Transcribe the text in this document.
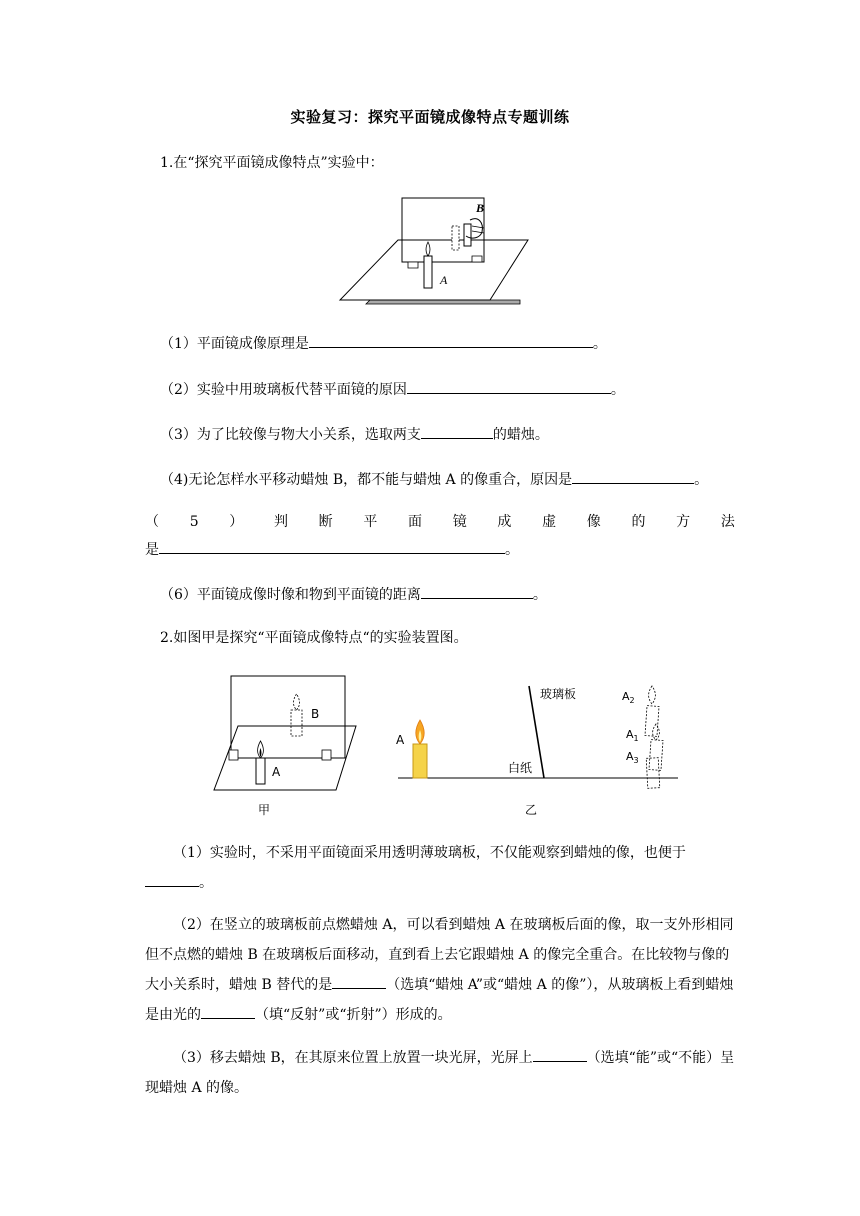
实验复习：探究平面镜成像特点专题训练
1.在“探究平面镜成像特点”实验中：
A
B
（1）平面镜成像原理是	。
（2）实验中用玻璃板代替平面镜的原因	。
（3）为了比较像与物大小关系，选取两支	的蜡烛。
（4)无论怎样水平移动蜡烛 B，都不能与蜡烛 A 的像重合，原因是	。
（ 5 ） 判 断 平 面 镜 成 虚 像 的 方 法
是	。
（6）平面镜成像时像和物到平面镜的距离	。
2.如图甲是探究“平面镜成像特点“的实验装置图。
A
B
甲
玻璃板
白纸
A
$A_2$
$A_1$
$A_3$
乙
（1）实验时，不采用平面镜面采用透明薄玻璃板，不仅能观察到蜡烛的像，也便于。
（2）在竖立的玻璃板前点燃蜡烛 A，可以看到蜡烛 A 在玻璃板后面的像，取一支外形相同但不点燃的蜡烛 B 在玻璃板后面移动，直到看上去它跟蜡烛 A 的像完全重合。在比较物与像的大小关系时，蜡烛 B 替代的是	（选填“蜡烛 A”或“蜡烛 A 的像”），从玻璃板上看到蜡烛是由光的	（填“反射”或“折射”）形成的。
（3）移去蜡烛 B，在其原来位置上放置一块光屏，光屏上	（选填“能”或“不能）呈现蜡烛 A 的像。
